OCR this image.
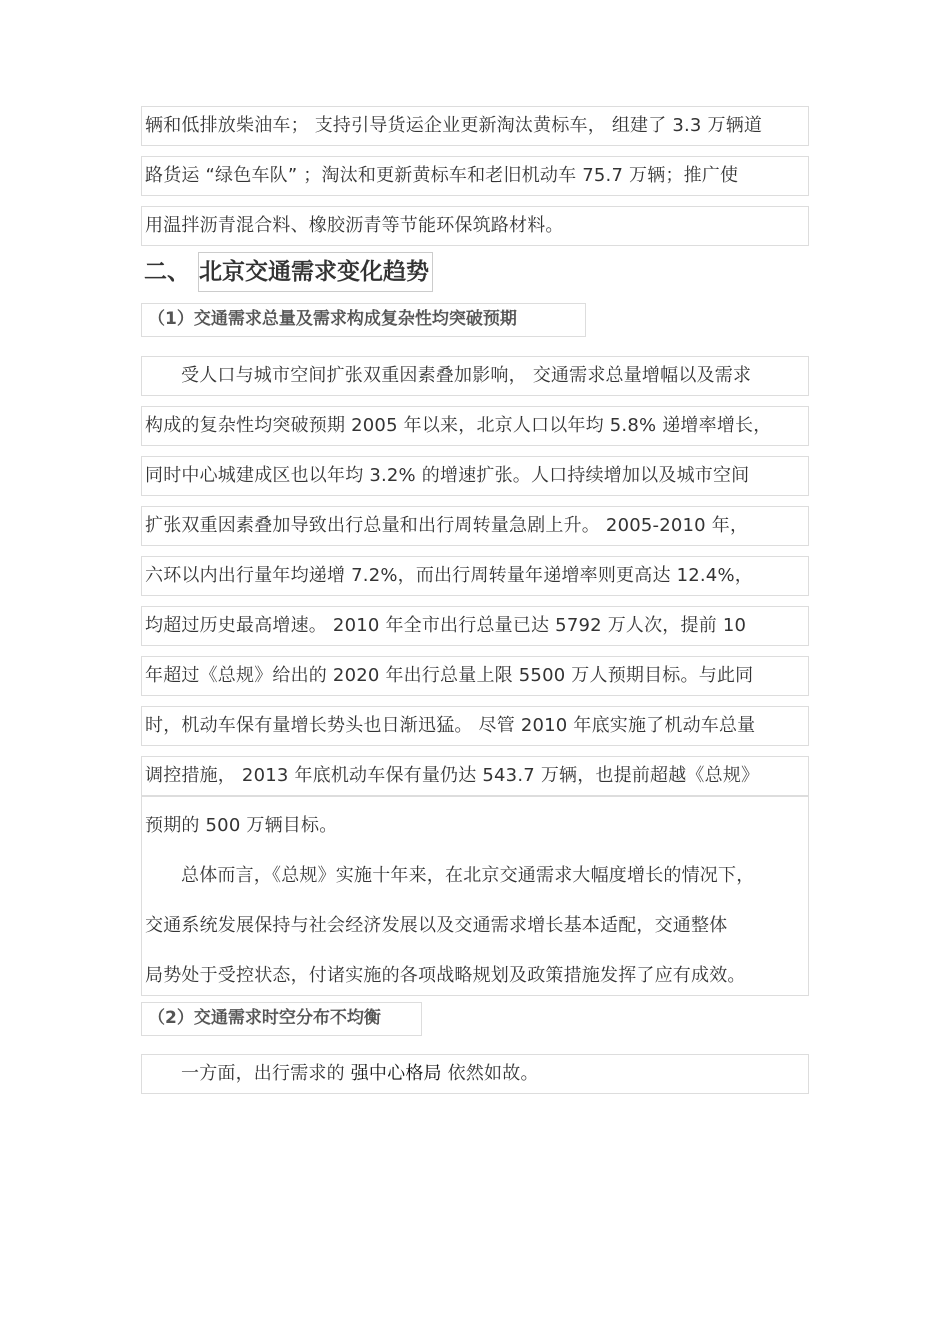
辆和低排放柴油车； 支持引导货运企业更新淘汰黄标车， 组建了 3.3 万辆道
路货运 “绿色车队” ；淘汰和更新黄标车和老旧机动车 75.7 万辆；推广使
用温拌沥青混合料、橡胶沥青等节能环保筑路材料。
二、 北京交通需求变化趋势
（1）交通需求总量及需求构成复杂性均突破预期
受人口与城市空间扩张双重因素叠加影响， 交通需求总量增幅以及需求
构成的复杂性均突破预期 2005 年以来，北京人口以年均 5.8% 递增率增长，
同时中心城建成区也以年均 3.2% 的增速扩张。人口持续增加以及城市空间
扩张双重因素叠加导致出行总量和出行周转量急剧上升。 2005-2010 年，
六环以内出行量年均递增 7.2%，而出行周转量年递增率则更高达 12.4%，
均超过历史最高增速。 2010 年全市出行总量已达 5792 万人次，提前 10
年超过《总规》给出的 2020 年出行总量上限 5500 万人预期目标。与此同
时，机动车保有量增长势头也日渐迅猛。 尽管 2010 年底实施了机动车总量
调控措施， 2013 年底机动车保有量仍达 543.7 万辆，也提前超越《总规》
预期的 500 万辆目标。
总体而言，《总规》实施十年来，在北京交通需求大幅度增长的情况下，
交通系统发展保持与社会经济发展以及交通需求增长基本适配，交通整体
局势处于受控状态，付诸实施的各项战略规划及政策措施发挥了应有成效。
（2）交通需求时空分布不均衡
一方面，出行需求的 强中心格局 依然如故。
